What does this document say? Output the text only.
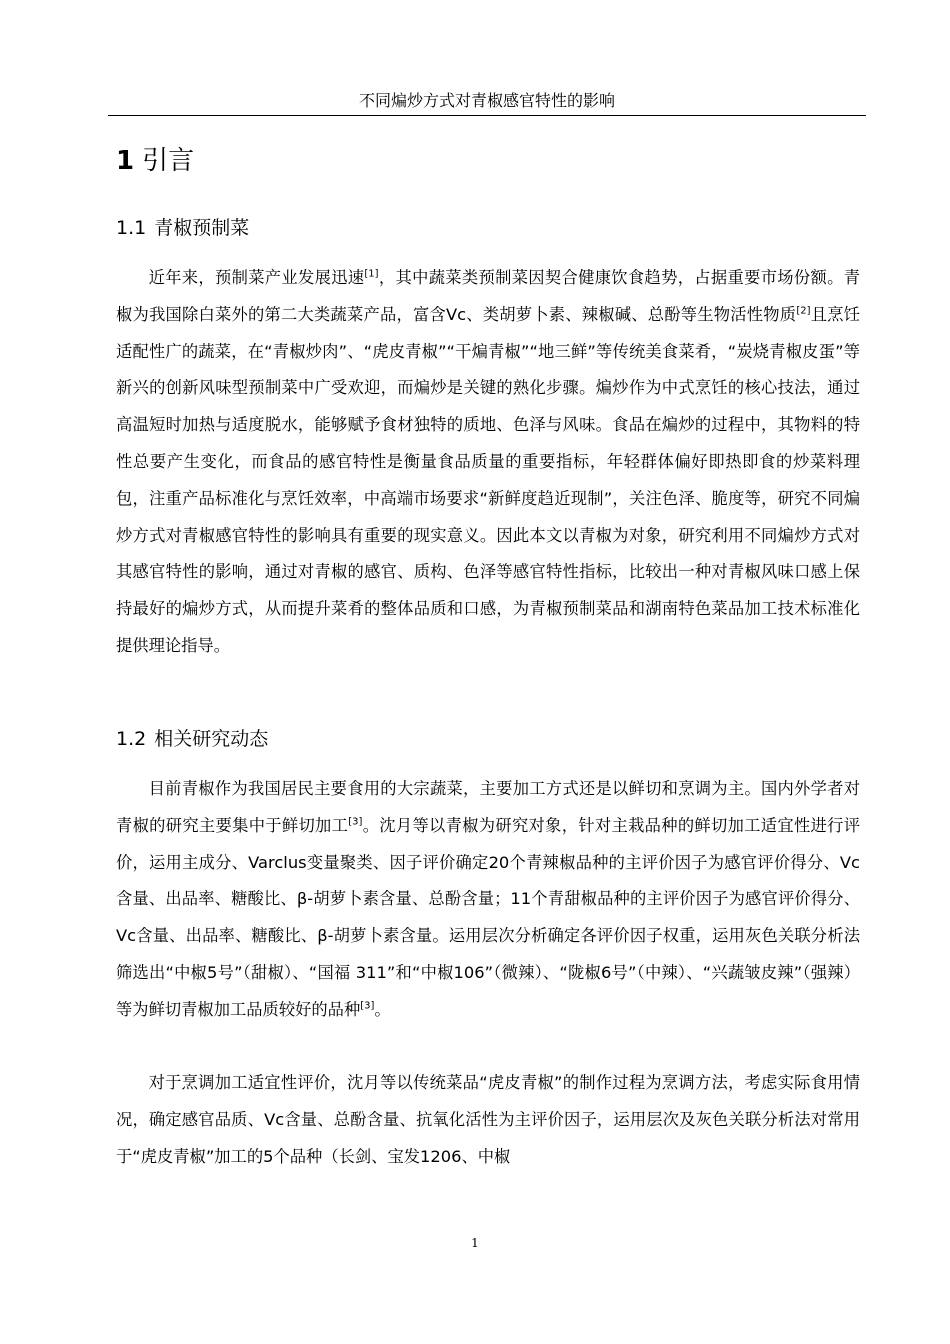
不同煸炒方式对青椒感官特性的影响
1 引言
1.1 青椒预制菜

近年来，预制菜产业发展迅速[1]，其中蔬菜类预制菜因契合健康饮食趋势，占据重要市场份额。青椒为我国除白菜外的第二大类蔬菜产品，富含Vc、类胡萝卜素、辣椒碱、总酚等生物活性物质[2]且烹饪适配性广的蔬菜，在“青椒炒肉”、“虎皮青椒”“干煸青椒”“地三鲜”等传统美食菜肴，“炭烧青椒皮蛋”等新兴的创新风味型预制菜中广受欢迎，而煸炒是关键的熟化步骤。煸炒作为中式烹饪的核心技法，通过高温短时加热与适度脱水，能够赋予食材独特的质地、色泽与风味。食品在煸炒的过程中，其物料的特性总要产生变化，而食品的感官特性是衡量食品质量的重要指标，年轻群体偏好即热即食的炒菜料理包，注重产品标准化与烹饪效率，中高端市场要求“新鲜度趋近现制”，关注色泽、脆度等，研究不同煸炒方式对青椒感官特性的影响具有重要的现实意义。因此本文以青椒为对象，研究利用不同煸炒方式对其感官特性的影响，通过对青椒的感官、质构、色泽等感官特性指标，比较出一种对青椒风味口感上保持最好的煸炒方式，从而提升菜肴的整体品质和口感，为青椒预制菜品和湖南特色菜品加工技术标准化提供理论指导。

1.2 相关研究动态

目前青椒作为我国居民主要食用的大宗蔬菜，主要加工方式还是以鲜切和烹调为主。国内外学者对青椒的研究主要集中于鲜切加工[3]。沈月等以青椒为研究对象，针对主栽品种的鲜切加工适宜性进行评价，运用主成分、Varclus变量聚类、因子评价确定20个青辣椒品种的主评价因子为感官评价得分、Vc含量、出品率、糖酸比、β-胡萝卜素含量、总酚含量；11个青甜椒品种的主评价因子为感官评价得分、Vc含量、出品率、糖酸比、β-胡萝卜素含量。运用层次分析确定各评价因子权重，运用灰色关联分析法筛选出“中椒5号”（甜椒）、“国福 311”和“中椒106”（微辣）、“陇椒6号”（中辣）、“兴蔬皱皮辣”（强辣）等为鲜切青椒加工品质较好的品种[3]。

对于烹调加工适宜性评价，沈月等以传统菜品“虎皮青椒”的制作过程为烹调方法，考虑实际食用情况，确定感官品质、Vc含量、总酚含量、抗氧化活性为主评价因子，运用层次及灰色关联分析法对常用于“虎皮青椒”加工的5个品种（长剑、宝发1206、中椒

1
